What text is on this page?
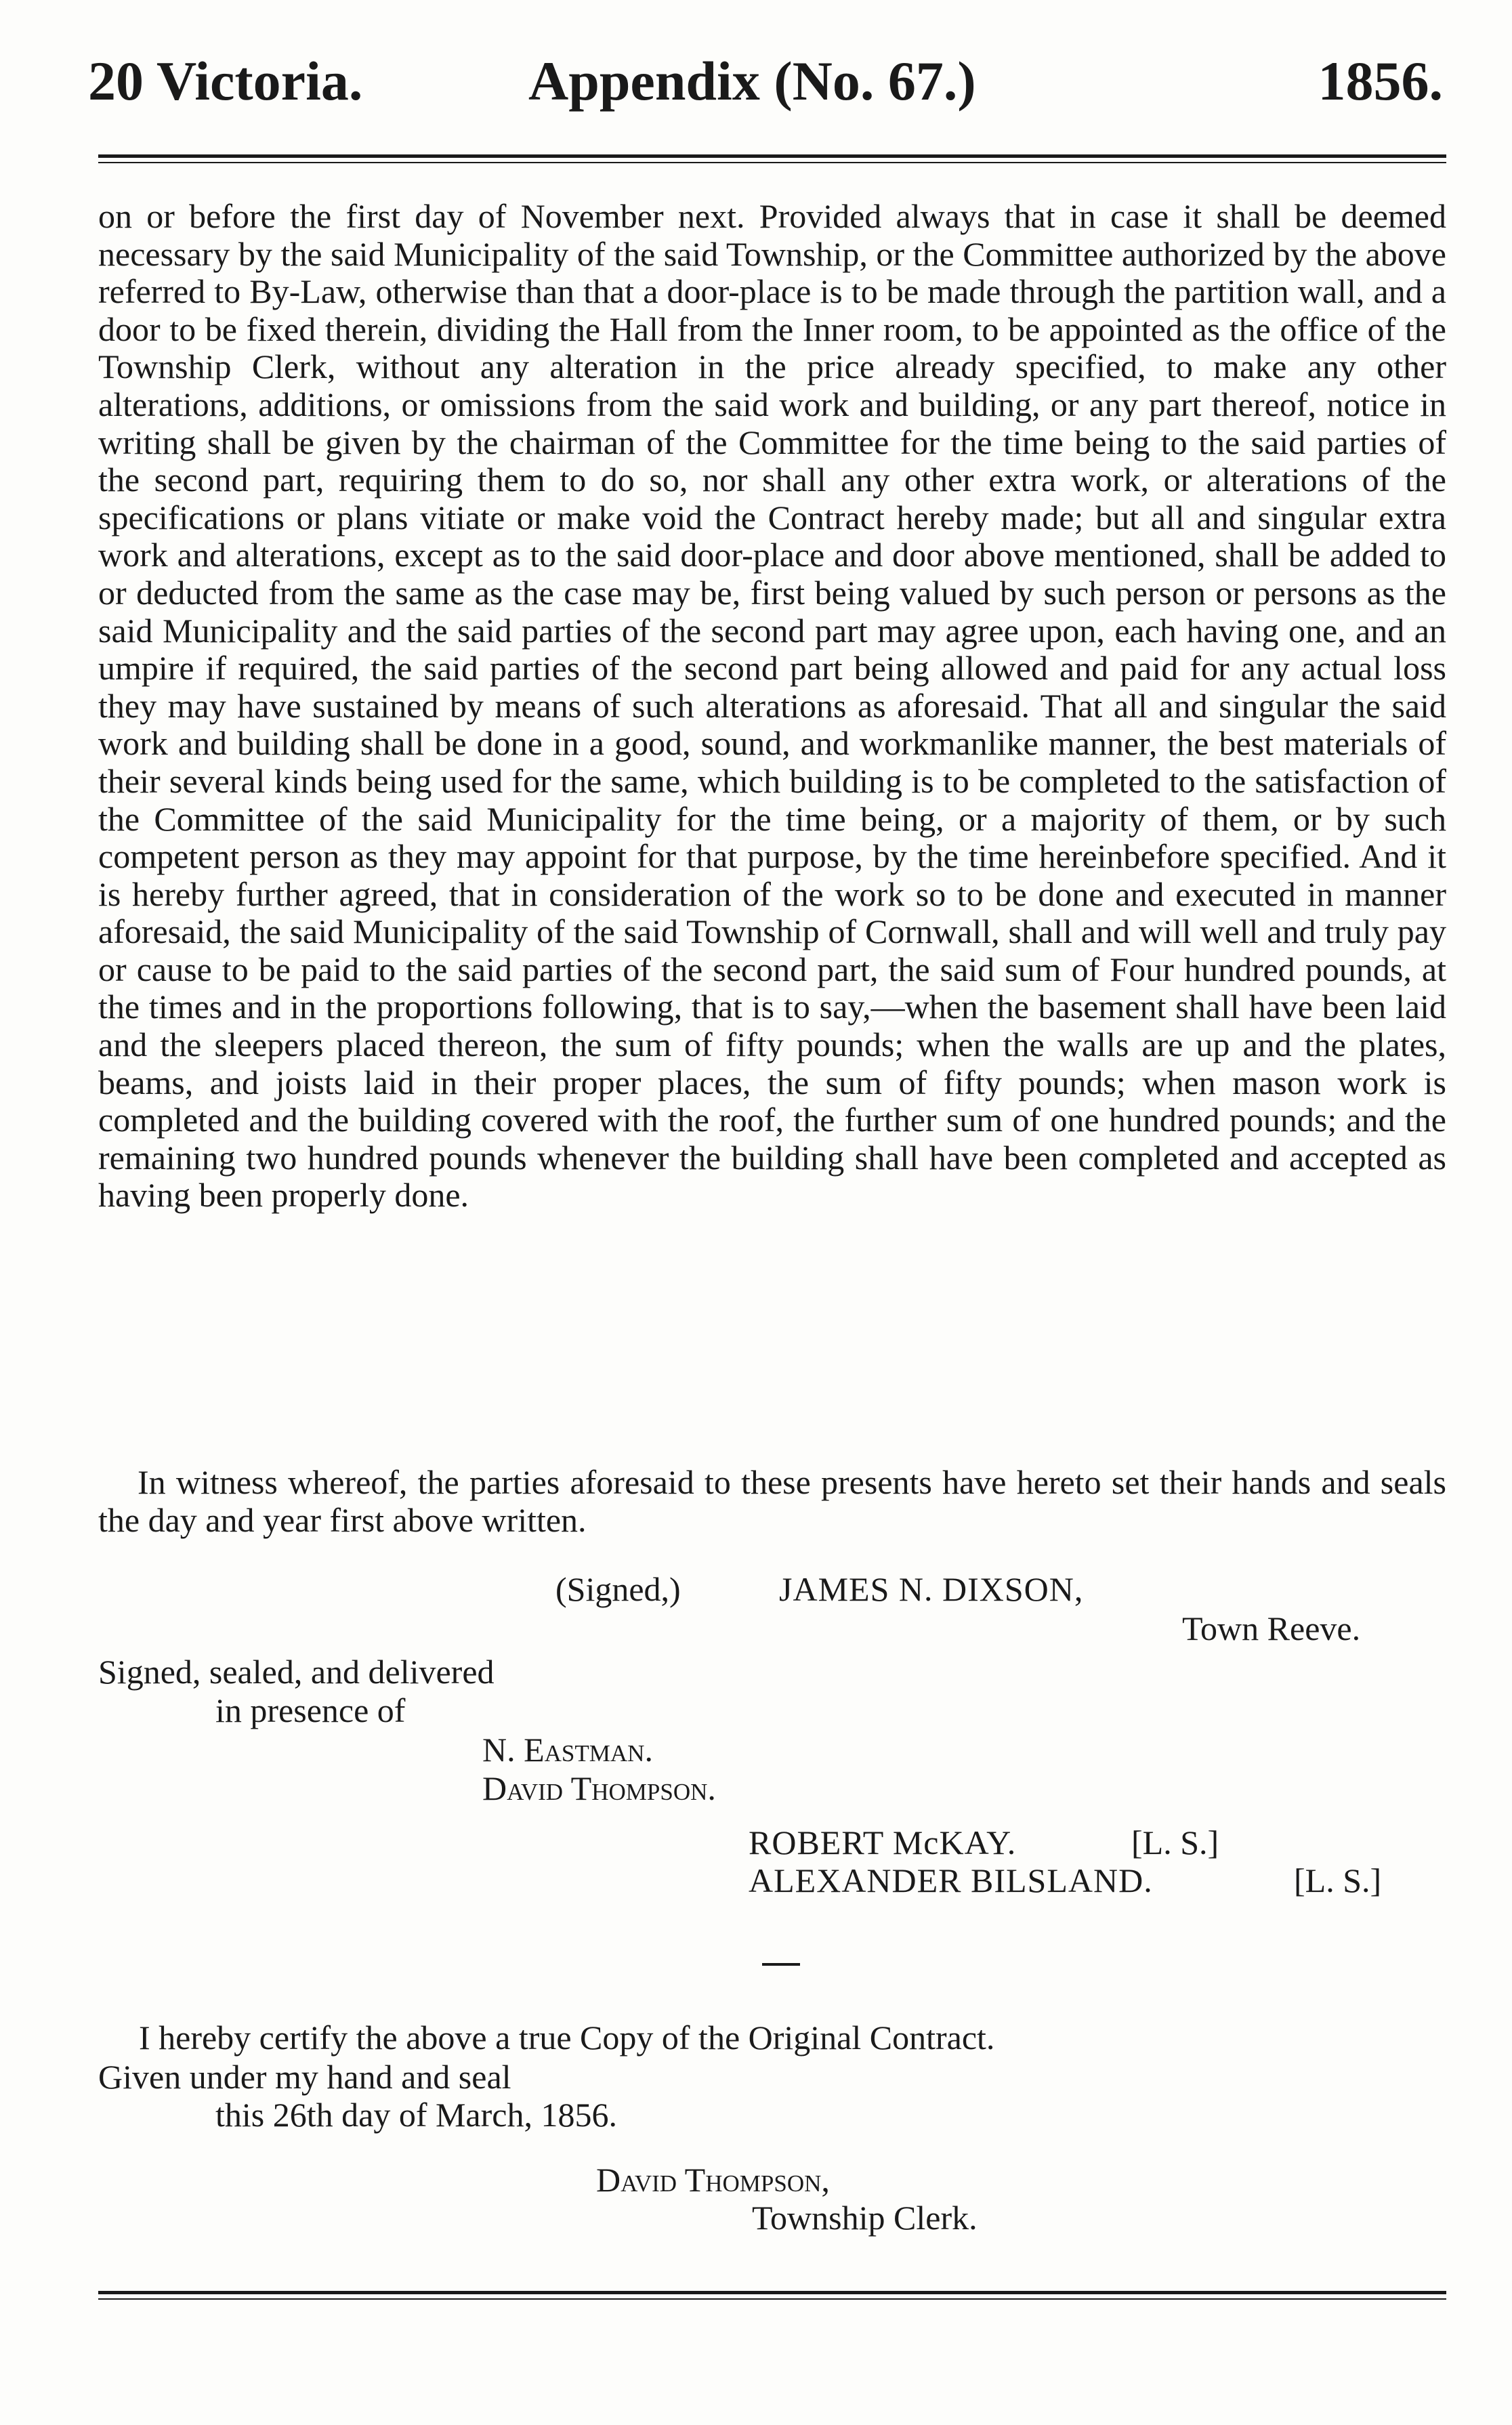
20 Victoria.	Appendix (No. 67.)	1856.

on or before the first day of November next. Provided always that in case it shall be deemed necessary by the said Municipality of the said Township, or the Committee authorized by the above referred to By-Law, otherwise than that a door-place is to be made through the partition wall, and a door to be fixed therein, dividing the Hall from the Inner room, to be appointed as the office of the Township Clerk, without any alteration in the price already specified, to make any other alterations, additions, or omissions from the said work and building, or any part thereof, notice in writing shall be given by the chairman of the Committee for the time being to the said parties of the second part, requiring them to do so, nor shall any other extra work, or alterations of the specifications or plans vitiate or make void the Contract hereby made; but all and singular extra work and alterations, except as to the said door-place and door above mentioned, shall be added to or deducted from the same as the case may be, first being valued by such person or persons as the said Municipality and the said parties of the second part may agree upon, each having one, and an umpire if required, the said parties of the second part being allowed and paid for any actual loss they may have sustained by means of such alterations as aforesaid. That all and singular the said work and building shall be done in a good, sound, and workmanlike manner, the best materials of their several kinds being used for the same, which building is to be completed to the satisfaction of the Committee of the said Municipality for the time being, or a majority of them, or by such competent person as they may appoint for that purpose, by the time hereinbefore specified. And it is hereby further agreed, that in consideration of the work so to be done and executed in manner aforesaid, the said Municipality of the said Township of Cornwall, shall and will well and truly pay or cause to be paid to the said parties of the second part, the said sum of Four hundred pounds, at the times and in the proportions following, that is to say,—when the basement shall have been laid and the sleepers placed thereon, the sum of fifty pounds; when the walls are up and the plates, beams, and joists laid in their proper places, the sum of fifty pounds; when mason work is completed and the building covered with the roof, the further sum of one hundred pounds; and the remaining two hundred pounds whenever the building shall have been completed and accepted as having been properly done.

In witness whereof, the parties aforesaid to these presents have hereto set their hands and seals the day and year first above written.
(Signed,)	JAMES N. DIXSON,
Town Reeve.
Signed, sealed, and delivered
in presence of
N. Eastman.
David Thompson.
ROBERT McKAY.	[L. S.]
ALEXANDER BILSLAND.	[L. S.]
I hereby certify the above a true Copy of the Original Contract.
Given under my hand and seal
this 26th day of March, 1856.
David Thompson,
Township Clerk.
